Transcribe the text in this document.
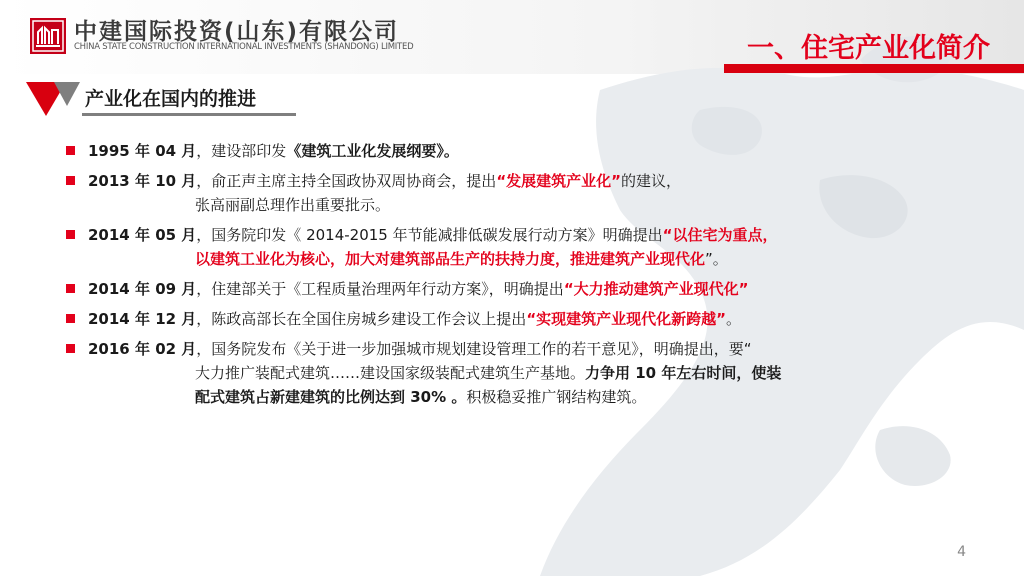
中建国际投资(山东)有限公司
CHINA STATE CONSTRUCTION INTERNATIONAL INVESTMENTS (SHANDONG) LIMITED	一、住宅产业化简介
产业化在国内的推进
1995 年 04 月，建设部印发《建筑工业化发展纲要》。
2013 年 10 月，俞正声主席主持全国政协双周协商会，提出“发展建筑产业化”的建议，
张高丽副总理作出重要批示。
2014 年 05 月，国务院印发《 2014-2015 年节能减排低碳发展行动方案》明确提出“以住宅为重点，
以建筑工业化为核心，加大对建筑部品生产的扶持力度，推进建筑产业现代化”。
2014 年 09 月，住建部关于《工程质量治理两年行动方案》，明确提出“大力推动建筑产业现代化”
2014 年 12 月，陈政高部长在全国住房城乡建设工作会议上提出“实现建筑产业现代化新跨越”。
2016 年 02 月，国务院发布《关于进一步加强城市规划建设管理工作的若干意见》，明确提出，要“
大力推广装配式建筑……建设国家级装配式建筑生产基地。力争用 10 年左右时间，使装
配式建筑占新建建筑的比例达到 30% 。积极稳妥推广钢结构建筑。
4
